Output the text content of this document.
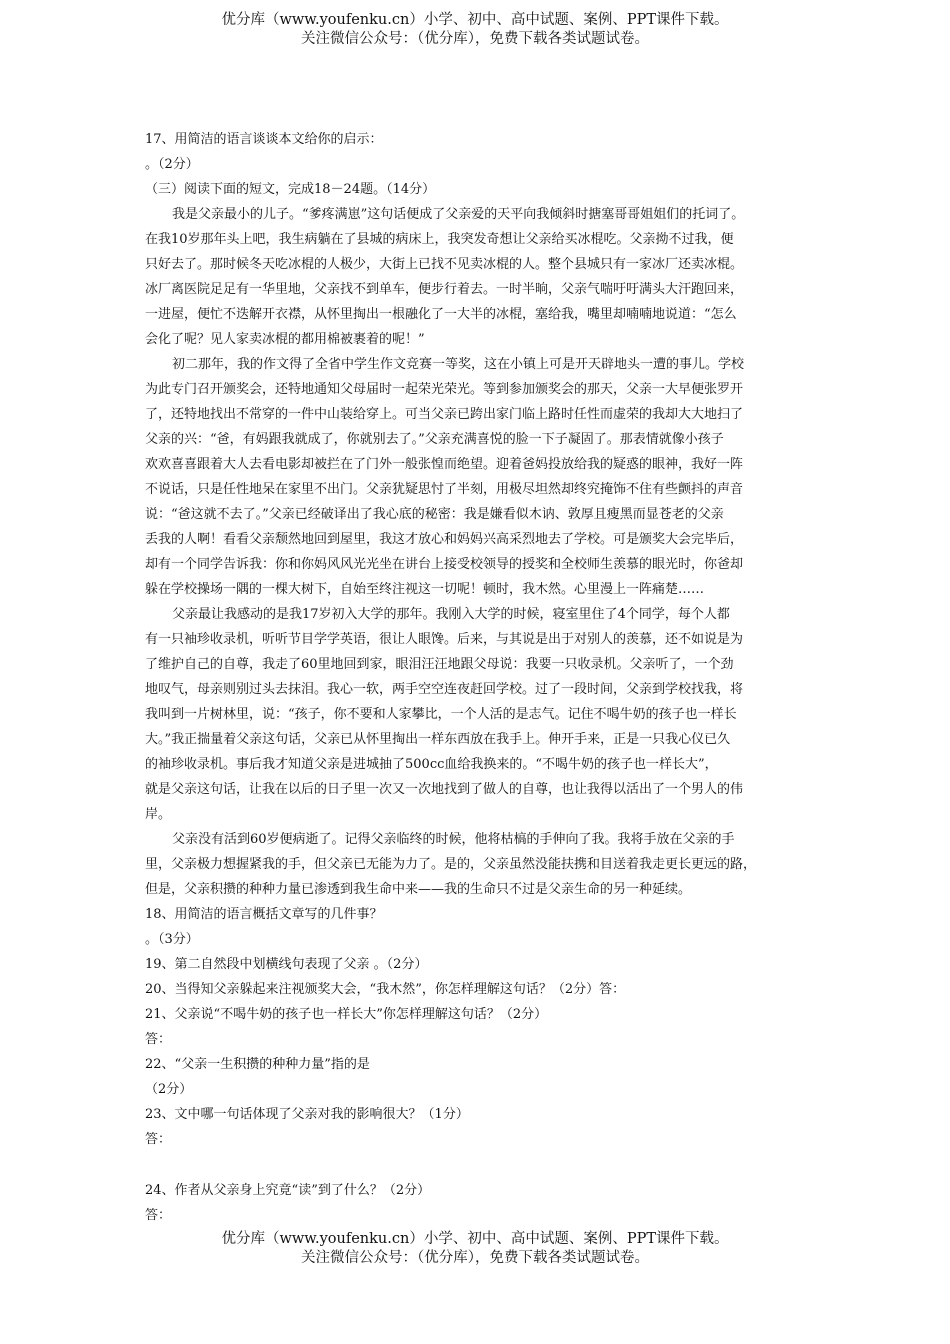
优分库（www.youfenku.cn）小学、初中、高中试题、案例、PPT课件下载。
关注微信公众号：（优分库），免费下载各类试题试卷。

17、用简洁的语言谈谈本文给你的启示：

。（2分）

（三）阅读下面的短文，完成18－24题。（14分）

我是父亲最小的儿子。“爹疼满崽”这句话便成了父亲爱的天平向我倾斜时搪塞哥哥姐姐们的托词了。

在我10岁那年头上吧，我生病躺在了县城的病床上，我突发奇想让父亲给买冰棍吃。父亲拗不过我，便

只好去了。那时候冬天吃冰棍的人极少，大街上已找不见卖冰棍的人。整个县城只有一家冰厂还卖冰棍。

冰厂离医院足足有一华里地，父亲找不到单车，便步行着去。一时半晌，父亲气喘吁吁满头大汗跑回来，

一进屋，便忙不迭解开衣襟，从怀里掏出一根融化了一大半的冰棍，塞给我，嘴里却喃喃地说道：“怎么

会化了呢？见人家卖冰棍的都用棉被裹着的呢！”

初二那年，我的作文得了全省中学生作文竞赛一等奖，这在小镇上可是开天辟地头一遭的事儿。学校

为此专门召开颁奖会，还特地通知父母届时一起荣光荣光。等到参加颁奖会的那天，父亲一大早便张罗开

了，还特地找出不常穿的一件中山装给穿上。可当父亲已跨出家门临上路时任性而虚荣的我却大大地扫了

父亲的兴：“爸，有妈跟我就成了，你就别去了。”父亲充满喜悦的脸一下子凝固了。那表情就像小孩子

欢欢喜喜跟着大人去看电影却被拦在了门外一般张惶而绝望。迎着爸妈投放给我的疑惑的眼神，我好一阵

不说话，只是任性地呆在家里不出门。父亲犹疑思忖了半刻，用极尽坦然却终究掩饰不住有些颤抖的声音

说：“爸这就不去了。”父亲已经破译出了我心底的秘密：我是嫌看似木讷、敦厚且瘦黑而显苍老的父亲

丢我的人啊！看看父亲颓然地回到屋里，我这才放心和妈妈兴高采烈地去了学校。可是颁奖大会完毕后，

却有一个同学告诉我：你和你妈风风光光坐在讲台上接受校领导的授奖和全校师生羡慕的眼光时，你爸却

躲在学校操场一隅的一棵大树下，自始至终注视这一切呢！顿时，我木然。心里漫上一阵痛楚……

父亲最让我感动的是我17岁初入大学的那年。我刚入大学的时候，寝室里住了4个同学，每个人都

有一只袖珍收录机，听听节目学学英语，很让人眼馋。后来，与其说是出于对别人的羡慕，还不如说是为

了维护自己的自尊，我走了60里地回到家，眼泪汪汪地跟父母说：我要一只收录机。父亲听了，一个劲

地叹气，母亲则别过头去抹泪。我心一软，两手空空连夜赶回学校。过了一段时间，父亲到学校找我，将

我叫到一片树林里，说：“孩子，你不要和人家攀比，一个人活的是志气。记住不喝牛奶的孩子也一样长

大。”我正揣量着父亲这句话，父亲已从怀里掏出一样东西放在我手上。伸开手来，正是一只我心仪已久

的袖珍收录机。事后我才知道父亲是进城抽了500cc血给我换来的。“不喝牛奶的孩子也一样长大”，

就是父亲这句话，让我在以后的日子里一次又一次地找到了做人的自尊，也让我得以活出了一个男人的伟

岸。

父亲没有活到60岁便病逝了。记得父亲临终的时候，他将枯槁的手伸向了我。我将手放在父亲的手

里，父亲极力想握紧我的手，但父亲已无能为力了。是的，父亲虽然没能扶携和目送着我走更长更远的路，

但是，父亲积攒的种种力量已渗透到我生命中来——我的生命只不过是父亲生命的另一种延续。

18、用简洁的语言概括文章写的几件事？

。（3分）

19、第二自然段中划横线句表现了父亲 。（2分）

20、当得知父亲躲起来注视颁奖大会，“我木然”，你怎样理解这句话？（2分）答：

21、父亲说“不喝牛奶的孩子也一样长大”你怎样理解这句话？（2分）

答：

22、“父亲一生积攒的种种力量”指的是

（2分）

23、文中哪一句话体现了父亲对我的影响很大？（1分）

答：

24、作者从父亲身上究竟“读”到了什么？（2分）

答：

优分库（www.youfenku.cn）小学、初中、高中试题、案例、PPT课件下载。
关注微信公众号：（优分库），免费下载各类试题试卷。
